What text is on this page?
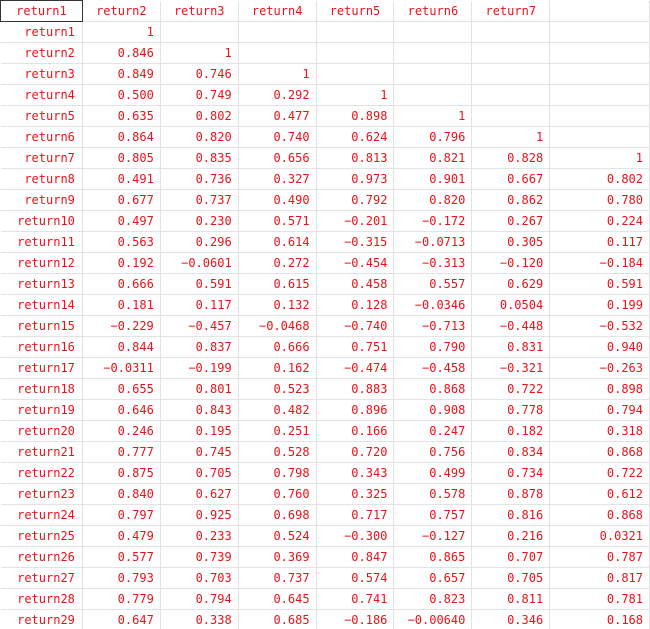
return1	return2	return3	return4	return5	return6	return7	
return1	1						
return2	0.846	1					
return3	0.849	0.746	1				
return4	0.500	0.749	0.292	1			
return5	0.635	0.802	0.477	0.898	1		
return6	0.864	0.820	0.740	0.624	0.796	1	
return7	0.805	0.835	0.656	0.813	0.821	0.828	1
return8	0.491	0.736	0.327	0.973	0.901	0.667	0.802
return9	0.677	0.737	0.490	0.792	0.820	0.862	0.780
return10	0.497	0.230	0.571	−0.201	−0.172	0.267	0.224
return11	0.563	0.296	0.614	−0.315	−0.0713	0.305	0.117
return12	0.192	−0.0601	0.272	−0.454	−0.313	−0.120	−0.184
return13	0.666	0.591	0.615	0.458	0.557	0.629	0.591
return14	0.181	0.117	0.132	0.128	−0.0346	0.0504	0.199
return15	−0.229	−0.457	−0.0468	−0.740	−0.713	−0.448	−0.532
return16	0.844	0.837	0.666	0.751	0.790	0.831	0.940
return17	−0.0311	−0.199	0.162	−0.474	−0.458	−0.321	−0.263
return18	0.655	0.801	0.523	0.883	0.868	0.722	0.898
return19	0.646	0.843	0.482	0.896	0.908	0.778	0.794
return20	0.246	0.195	0.251	0.166	0.247	0.182	0.318
return21	0.777	0.745	0.528	0.720	0.756	0.834	0.868
return22	0.875	0.705	0.798	0.343	0.499	0.734	0.722
return23	0.840	0.627	0.760	0.325	0.578	0.878	0.612
return24	0.797	0.925	0.698	0.717	0.757	0.816	0.868
return25	0.479	0.233	0.524	−0.300	−0.127	0.216	0.0321
return26	0.577	0.739	0.369	0.847	0.865	0.707	0.787
return27	0.793	0.703	0.737	0.574	0.657	0.705	0.817
return28	0.779	0.794	0.645	0.741	0.823	0.811	0.781
return29	0.647	0.338	0.685	−0.186	−0.00640	0.346	0.168
